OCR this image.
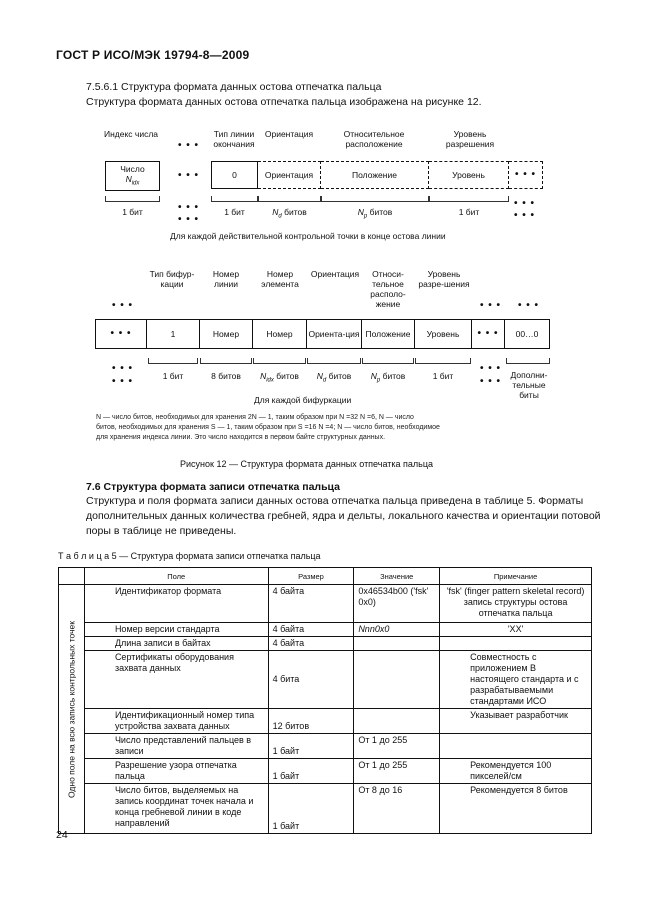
ГОСТ Р ИСО/МЭК 19794-8—2009
7.5.6.1 Структура формата данных остова отпечатка пальца
Структура формата данных остова отпечатка пальца изображена на рисунке 12.
Индекс числа	Тип линии окончания
Ориентация	Относительное расположение
Уровень разрешения
• • •
Число
$N_{idx}$
• • •	0	Ориентация	Положение	Уровень	• • •
1 бит	• • •
• • •
1 бит	$N_d$ битов	$N_p$ битов	1 бит
• • •
• • •
Для каждой действительной контрольной точки в конце остова линии
Тип бифур-кации
Номер линии
Номер элемента
Ориентация	Относи-тельное располо-жение
Уровень разре-шения
• • •	• • • • • •
• • •	1	Номер	Номер	Ориента-ция Положение	Уровень	• • •	00…0
• • •
• • •	1 бит	8 битов	$N_{idx}$ битов	$N_d$ битов	$N_p$ битов	1 бит
• • •
• • •
Дополни-тельные биты
Для каждой бифуркации
N — число битов, необходимых для хранения 2N — 1, таким образом при N =32 N =6, N — число
битов, необходимых для хранения S — 1, таким образом при S =16 N =4; N — число битов, необходимое
для хранения индекса линии. Это число находится в первом байте структурных данных.
Рисунок 12 — Структура формата данных отпечатка пальца
7.6 Структура формата записи отпечатка пальца
Структура и поля формата записи данных остова отпечатка пальца приведена в таблице 5. Форматы
дополнительных данных количества гребней, ядра и дельты, локального качества и ориентации потовой
поры в таблице не приведены.
Т а б л и ц а 5 — Структура формата записи отпечатка пальца
	Поле	Размер	Значение	Примечание
Одно поле на всю запись контрольных точек	Идентификатор формата	4 байта	0x46534b00 ('fsk' 0x0)	'fsk' (finger pattern skeletal record) запись структуры остова отпечатка пальца
	Номер версии стандарта	4 байта	Nnn0x0	'XX'
	Длина записи в байтах	4 байта		
	Сертификаты оборудования захвата данных	4 бита		Совместность с приложением В настоящего стандарта и с разрабатываемыми стандартами ИСО
	Идентификационный номер типа устройства захвата данных	12 битов		Указывает разработчик
	Число представлений пальцев в записи	1 байт	От 1 до 255	
	Разрешение узора отпечатка пальца	1 байт	От 1 до 255	Рекомендуется 100 пикселей/см
	Число битов, выделяемых на запись координат точек начала и конца гребневой линии в коде направлений	1 байт	От 8 до 16	Рекомендуется 8 битов
24
